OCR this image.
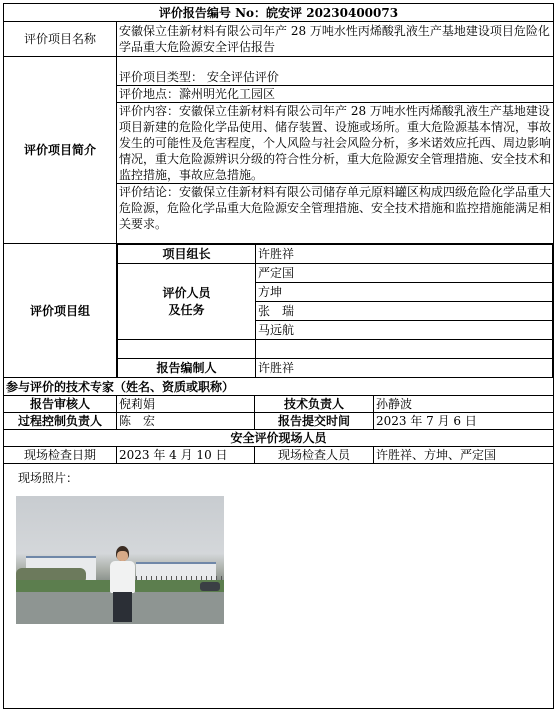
评价报告编号 No：皖安评 20230400073
评价项目名称	安徽保立佳新材料有限公司年产 28 万吨水性丙烯酸乳液生产基地建设项目危险化学品重大危险源安全评估报告
评价项目简介	
评价项目类型： 安全评估评价
评价地点：滁州明光化工园区
评价内容：安徽保立佳新材料有限公司年产 28 万吨水性丙烯酸乳液生产基地建设项目新建的危险化学品使用、储存装置、设施或场所。重大危险源基本情况，事故发生的可能性及危害程度，个人风险与社会风险分析，多米诺效应托西、周边影响情况，重大危险源辨识分级的符合性分析，重大危险源安全管理措施、安全技术和监控措施，事故应急措施。
评价结论：安徽保立佳新材料有限公司储存单元原料罐区构成四级危险化学品重大危险源，危险化学品重大危险源安全管理措施、安全技术措施和监控措施能满足相关要求。

评价项目组	
项目组长	许胜祥

评价人员
及任务
	严定国
方坤
张　瑞
马远航

报告编制人	许胜祥

参与评价的技术专家（姓名、资质或职称）
报告审核人	倪莉娟	技术负责人	孙静波
过程控制负责人	陈　宏	报告提交时间	2023 年 7 月 6 日
安全评价现场人员
现场检查日期	2023 年 4 月 10 日	现场检查人员	许胜祥、方坤、严定国

现场照片：
